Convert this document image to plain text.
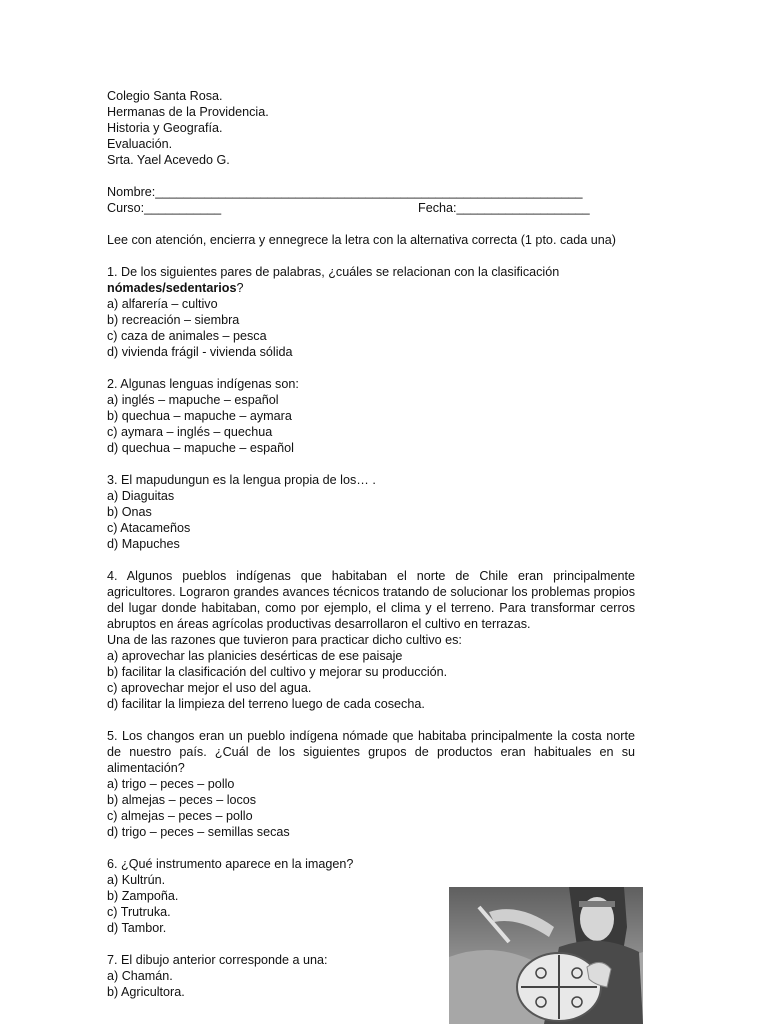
Colegio Santa Rosa.
Hermanas de la Providencia.
Historia y Geografía.
Evaluación.
Srta. Yael Acevedo G.
Nombre:_____________________________________________________________
Curso:___________	Fecha:___________________
Lee con atención, encierra y ennegrece la letra con la alternativa correcta (1 pto. cada una)
1. De los siguientes pares de palabras, ¿cuáles se relacionan con la clasificación
nómades/sedentarios?
a) alfarería – cultivo
b) recreación – siembra
c) caza de animales – pesca
d) vivienda frágil - vivienda sólida
2. Algunas lenguas indígenas son:
a) inglés – mapuche – español
b) quechua – mapuche – aymara
c) aymara – inglés – quechua
d) quechua – mapuche – español
3. El mapudungun es la lengua propia de los… .
a) Diaguitas
b) Onas
c) Atacameños
d) Mapuches
4. Algunos pueblos indígenas que habitaban el norte de Chile eran principalmente agricultores. Lograron grandes avances técnicos tratando de solucionar los problemas propios del lugar donde habitaban, como por ejemplo, el clima y el terreno. Para transformar cerros abruptos en áreas agrícolas productivas desarrollaron el cultivo en terrazas.
Una de las razones que tuvieron para practicar dicho cultivo es:
a) aprovechar las planicies desérticas de ese paisaje
b) facilitar la clasificación del cultivo y mejorar su producción.
c) aprovechar mejor el uso del agua.
d) facilitar la limpieza del terreno luego de cada cosecha.
5. Los changos eran un pueblo indígena nómade que habitaba principalmente la costa norte de nuestro país. ¿Cuál de los siguientes grupos de productos eran habituales en su alimentación?
a) trigo – peces – pollo
b) almejas – peces – locos
c) almejas – peces – pollo
d) trigo – peces – semillas secas
6. ¿Qué instrumento aparece en la imagen?
a) Kultrún.
b) Zampoña.
c) Trutruka.
d) Tambor.
7. El dibujo anterior corresponde a una:
a) Chamán.
b) Agricultora.
